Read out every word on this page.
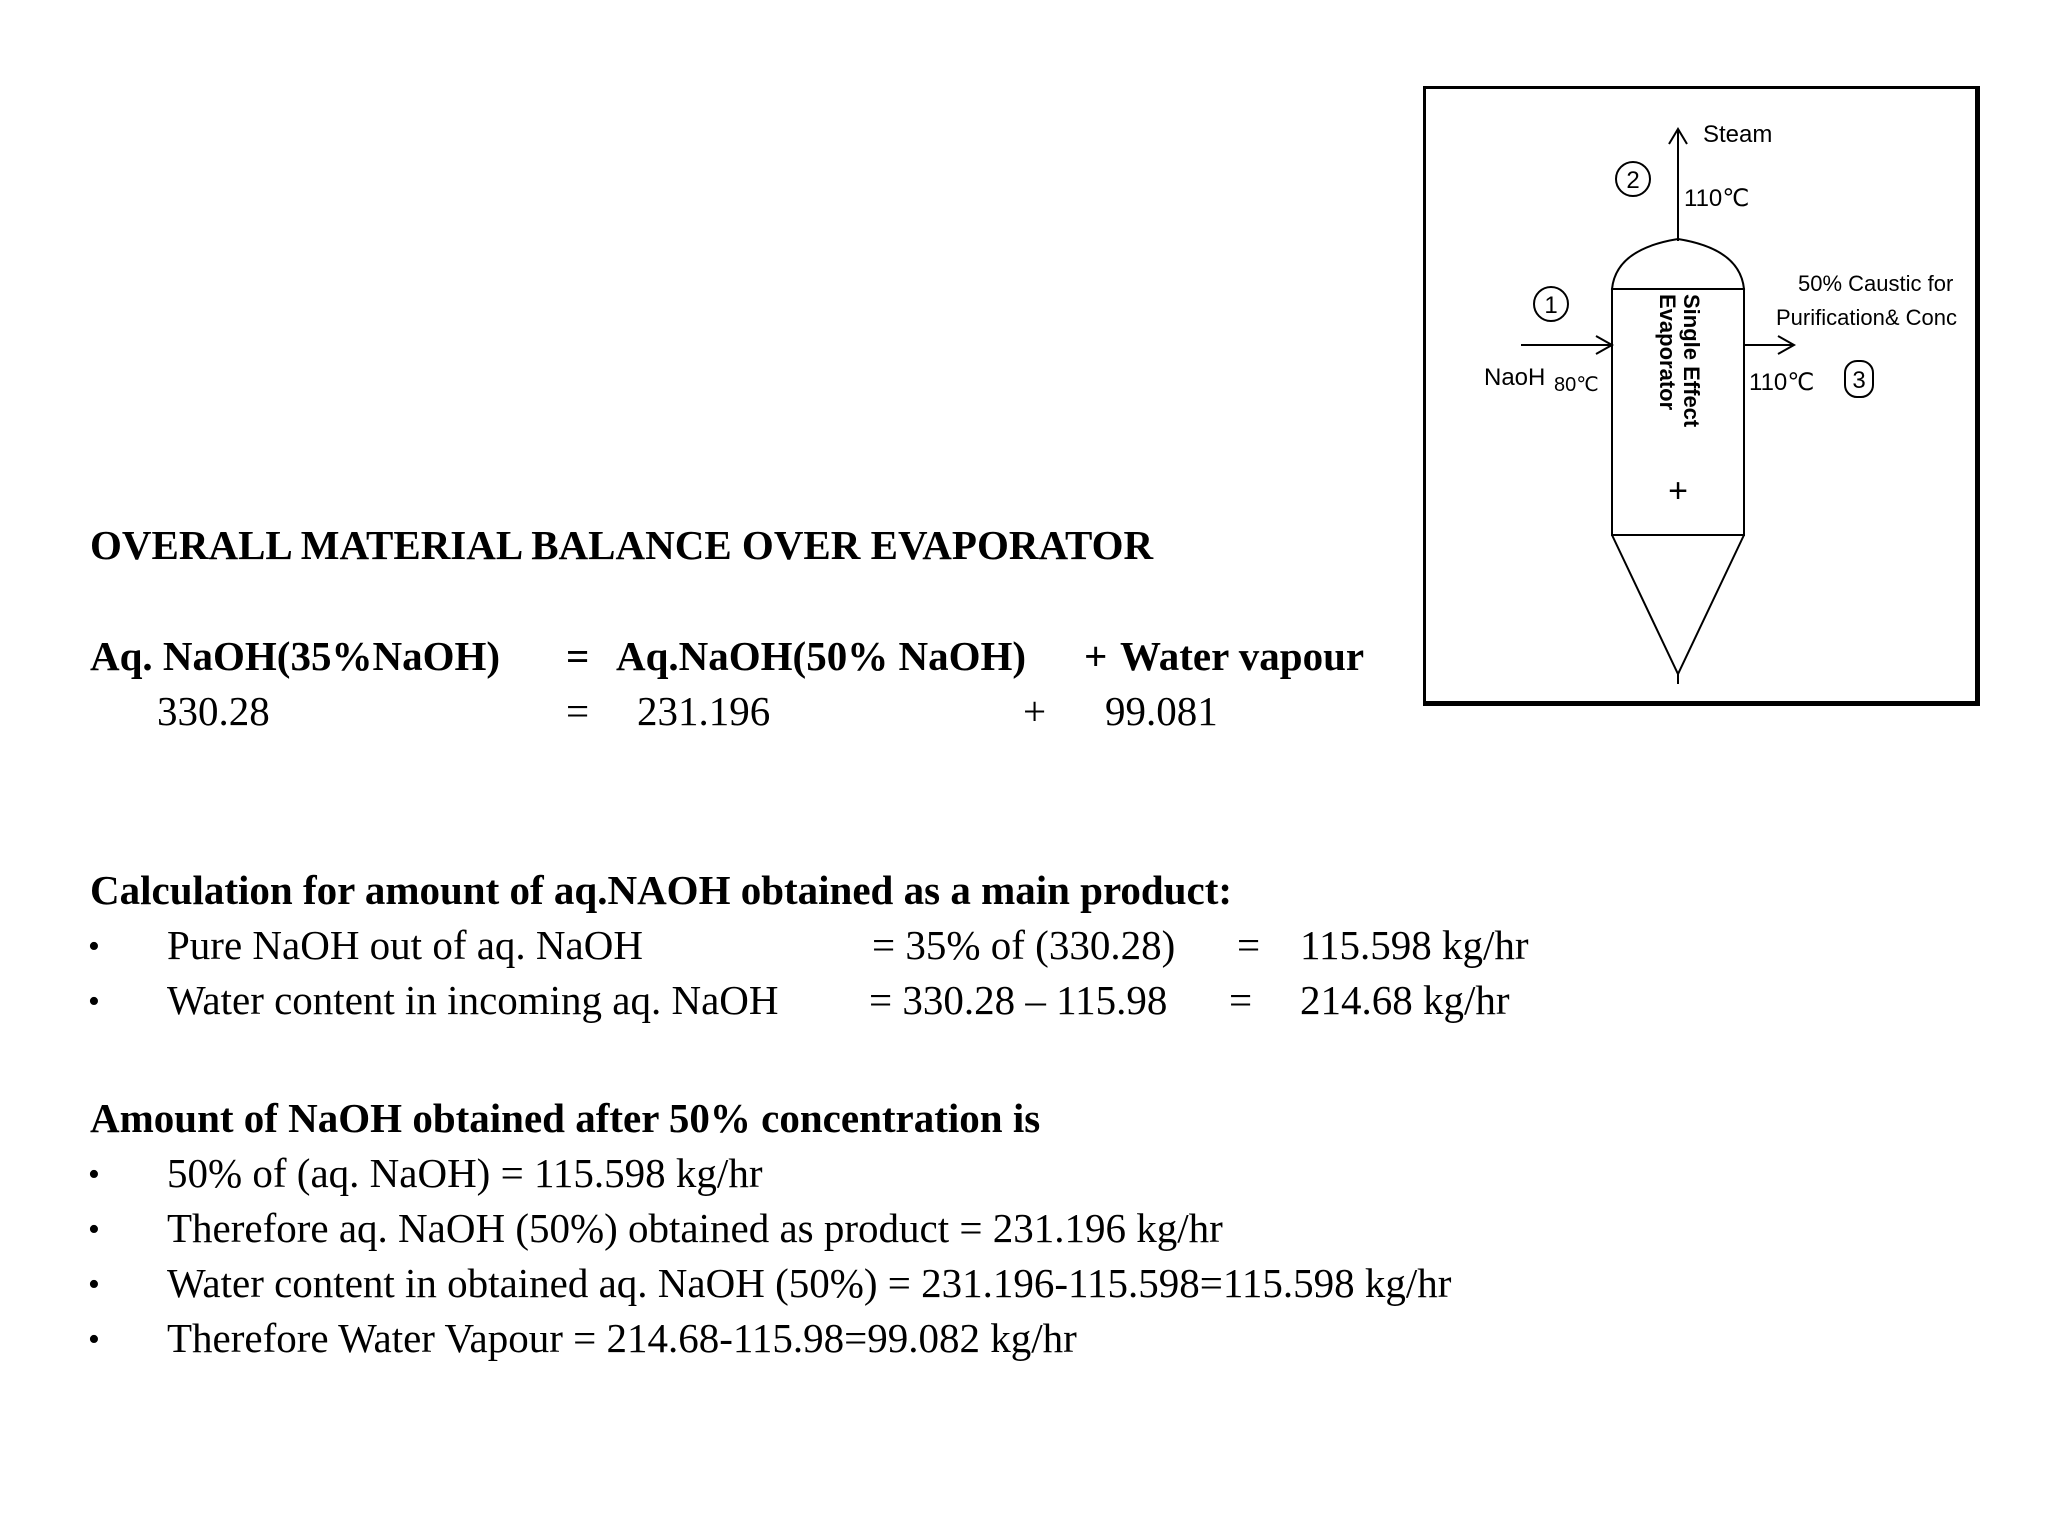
OVERALL MATERIAL BALANCE OVER EVAPORATOR
Aq. NaOH(35%NaOH) = Aq.NaOH(50% NaOH) + Water vapour
330.28	= 231.196	+ 99.081
Calculation for amount of aq.NAOH obtained as a main product:
• Pure NaOH out of aq. NaOH	= 35% of (330.28) = 115.598 kg/hr
• Water content in incoming aq. NaOH = 330.28 – 115.98 = 214.68 kg/hr
Amount of NaOH obtained after 50% concentration is
• 50% of (aq. NaOH) = 115.598 kg/hr
• Therefore aq. NaOH (50%) obtained as product = 231.196 kg/hr
• Water content in obtained aq. NaOH (50%) = 231.196-115.598=115.598 kg/hr
• Therefore Water Vapour = 214.68-115.98=99.082 kg/hr
Steam
2
110℃
Single Effect
Evaporator
+
1
NaoH 80℃
50% Caustic for
Purification& Conc
110℃ 3
